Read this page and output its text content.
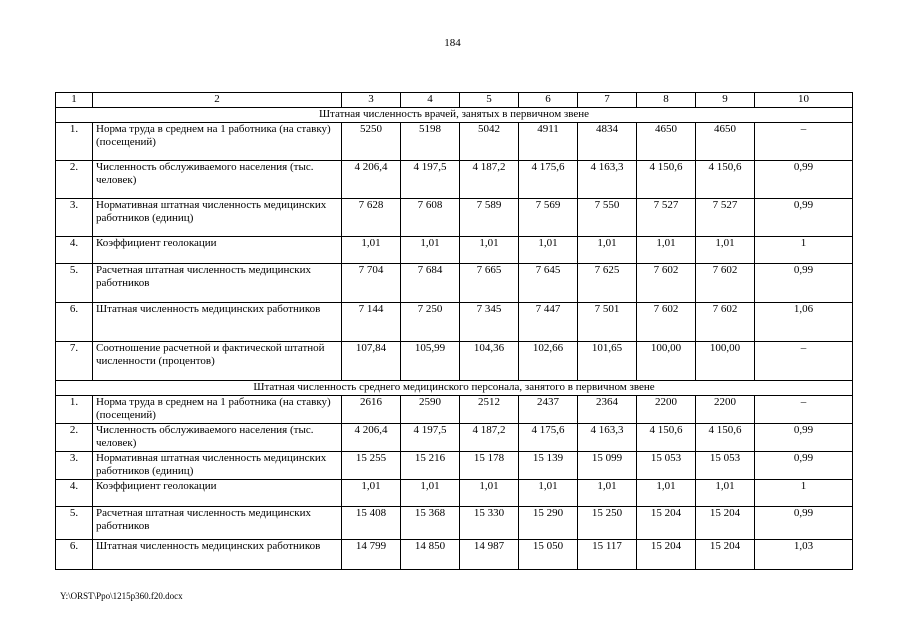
184
1	2	3	4	5	6	7	8	9	10
Штатная численность врачей, занятых в первичном звене									
1.	Норма труда в среднем на 1 работника (на ставку) (посещений)	5250	5198	5042	4911	4834	4650	4650	–
2.	Численность обслуживаемого населения (тыс. человек)	4 206,4	4 197,5	4 187,2	4 175,6	4 163,3	4 150,6	4 150,6	0,99
3.	Нормативная штатная численность медицинских работников (единиц)	7 628	7 608	7 589	7 569	7 550	7 527	7 527	0,99
4.	Коэффициент геолокации	1,01	1,01	1,01	1,01	1,01	1,01	1,01	1
5.	Расчетная штатная численность медицинских работников	7 704	7 684	7 665	7 645	7 625	7 602	7 602	0,99
6.	Штатная численность медицинских работников	7 144	7 250	7 345	7 447	7 501	7 602	7 602	1,06
7.	Соотношение расчетной и фактической штатной численности (процентов)	107,84	105,99	104,36	102,66	101,65	100,00	100,00	–
Штатная численность среднего медицинского персонала, занятого в первичном звене									
1.	Норма труда в среднем на 1 работника (на ставку) (посещений)	2616	2590	2512	2437	2364	2200	2200	–
2.	Численность обслуживаемого населения (тыс. человек)	4 206,4	4 197,5	4 187,2	4 175,6	4 163,3	4 150,6	4 150,6	0,99
3.	Нормативная штатная численность медицинских работников (единиц)	15 255	15 216	15 178	15 139	15 099	15 053	15 053	0,99
4.	Коэффициент геолокации	1,01	1,01	1,01	1,01	1,01	1,01	1,01	1
5.	Расчетная штатная численность медицинских работников	15 408	15 368	15 330	15 290	15 250	15 204	15 204	0,99
6.	Штатная численность медицинских работников	14 799	14 850	14 987	15 050	15 117	15 204	15 204	1,03
Y:\ORST\Ppo\1215p360.f20.docx
